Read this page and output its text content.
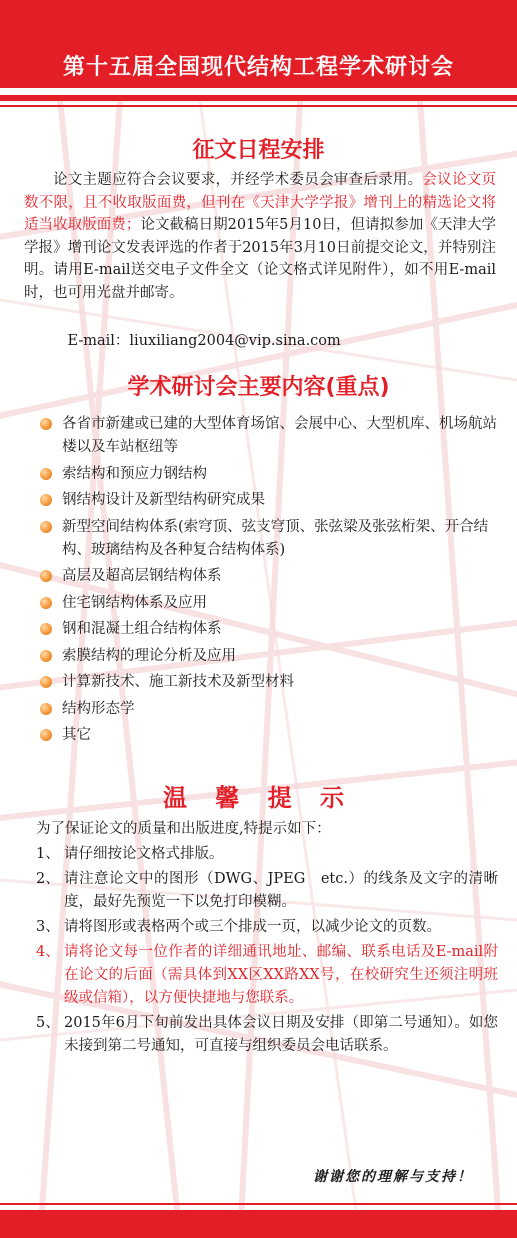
第十五届全国现代结构工程学术研讨会
征文日程安排
论文主题应符合会议要求，并经学术委员会审查后录用。会议论文页数不限，且不收取版面费，但刊在《天津大学学报》增刊上的精选论文将适当收取版面费；论文截稿日期2015年5月10日，但请拟参加《天津大学学报》增刊论文发表评选的作者于2015年3月10日前提交论文，并特别注明。请用E-mail送交电子文件全文（论文格式详见附件），如不用E-mail时，也可用光盘并邮寄。
E-mail：liuxiliang2004@vip.sina.com
学术研讨会主要内容(重点)
各省市新建或已建的大型体育场馆、会展中心、大型机库、机场航站楼以及车站枢纽等
索结构和预应力钢结构
钢结构设计及新型结构研究成果
新型空间结构体系(索穹顶、弦支穹顶、张弦梁及张弦桁架、开合结构、玻璃结构及各种复合结构体系)
高层及超高层钢结构体系
住宅钢结构体系及应用
钢和混凝土组合结构体系
索膜结构的理论分析及应用
计算新技术、施工新技术及新型材料
结构形态学
其它
温 馨 提 示
为了保证论文的质量和出版进度,特提示如下：
1、 请仔细按论文格式排版。
2、 请注意论文中的图形（DWG、JPEG　etc.）的线条及文字的清晰度，最好先预览一下以免打印模糊。
3、 请将图形或表格两个或三个排成一页，以减少论文的页数。
4、 请将论文每一位作者的详细通讯地址、邮编、联系电话及E-mail附在论文的后面（需具体到XX区XX路XX号，在校研究生还须注明班级或信箱），以方便快捷地与您联系。
5、 2015年6月下旬前发出具体会议日期及安排（即第二号通知）。如您未接到第二号通知，可直接与组织委员会电话联系。
谢谢您的理解与支持！
